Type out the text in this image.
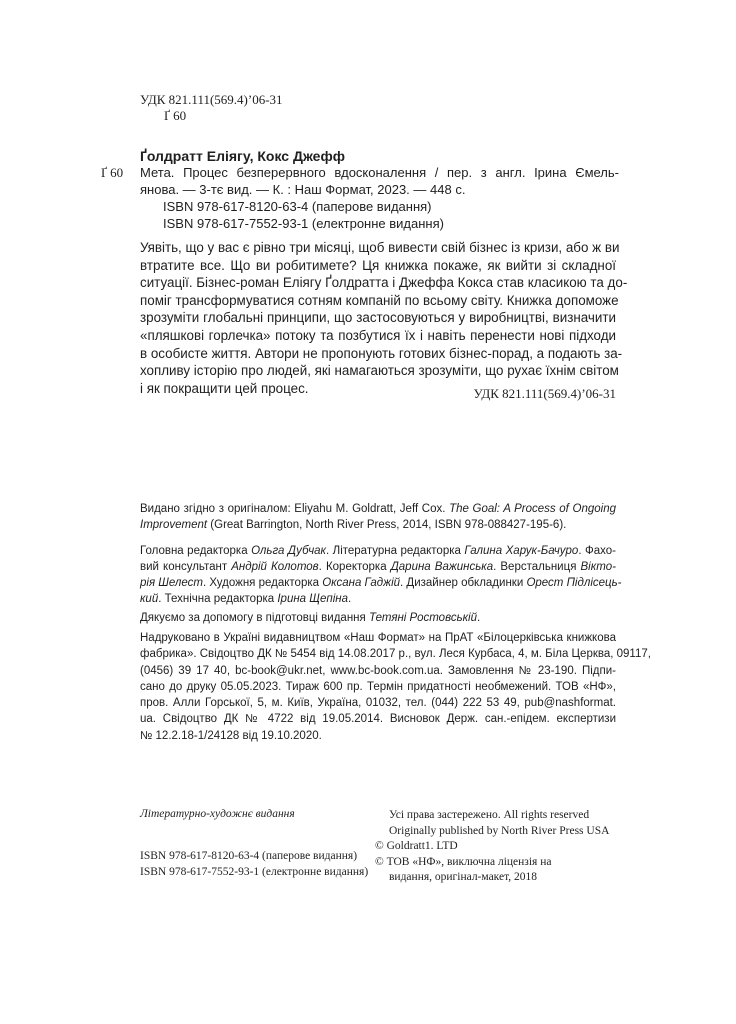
УДК 821.111(569.4)’06-31
Ґ 60
Ґолдратт Еліягу, Кокс Джефф
Ґ 60 Мета. Процес безперервного вдосконалення / пер. з англ. Ірина Ємель-
янова. — 3-тє вид. — К. : Наш Формат, 2023. — 448 с.
ISBN 978-617-8120-63-4 (паперове видання)
ISBN 978-617-7552-93-1 (електронне видання)
Уявіть, що у вас є рівно три місяці, щоб вивести свій бізнес із кризи, або ж ви
втратите все. Що ви робитимете? Ця книжка покаже, як вийти зі складної
ситуації. Бізнес-роман Еліягу Ґолдратта і Джеффа Кокса став класикою та до-
поміг трансформуватися сотням компаній по всьому світу. Книжка допоможе
зрозуміти глобальні принципи, що застосовуються у виробництві, визначити
«пляшкові горлечка» потоку та позбутися їх і навіть перенести нові підходи
в особисте життя. Автори не пропонують готових бізнес-порад, а подають за-
хопливу історію про людей, які намагаються зрозуміти, що рухає їхнім світом
і як покращити цей процес.	УДК 821.111(569.4)’06-31
Видано згідно з оригіналом: Eliyahu M. Goldratt, Jeff Cox. The Goal: A Process of Ongoing
Improvement (Great Barrington, North River Press, 2014, ISBN 978-088427-195-6).
Головна редакторка Ольга Дубчак. Літературна редакторка Галина Харук-Бачуро. Фахо-
вий консультант Андрій Колотов. Коректорка Дарина Важинська. Верстальниця Вікто-
рія Шелест. Художня редакторка Оксана Гаджій. Дизайнер обкладинки Орест Підлісець-
кий. Технічна редакторка Ірина Щепіна.
Дякуємо за допомогу в підготовці видання Тетяні Ростовській.
Надруковано в Україні видавництвом «Наш Формат» на ПрАТ «Білоцерківська книжкова
фабрика». Свідоцтво ДК № 5454 від 14.08.2017 р., вул. Леся Курбаса, 4, м. Біла Церква, 09117,
(0456) 39 17 40, bc-book@ukr.net, www.bc-book.com.ua. Замовлення № 23-190. Підпи-
сано до друку 05.05.2023. Тираж 600 пр. Термін придатності необмежений. ТОВ «НФ»,
пров. Алли Горської, 5, м. Київ, Україна, 01032, тел. (044) 222 53 49, pub@nashformat.
ua. Свідоцтво ДК № 4722 від 19.05.2014. Висновок Держ. сан.-епідем. експертизи
№ 12.2.18-1/24128 від 19.10.2020.
Літературно-художнє видання
ISBN 978-617-8120-63-4 (паперове видання)
ISBN 978-617-7552-93-1 (електронне видання)
Усі права застережено. All rights reserved
Originally published by North River Press USA
© Goldratt1. LTD
© ТОВ «НФ», виключна ліцензія на
видання, оригінал-макет, 2018
